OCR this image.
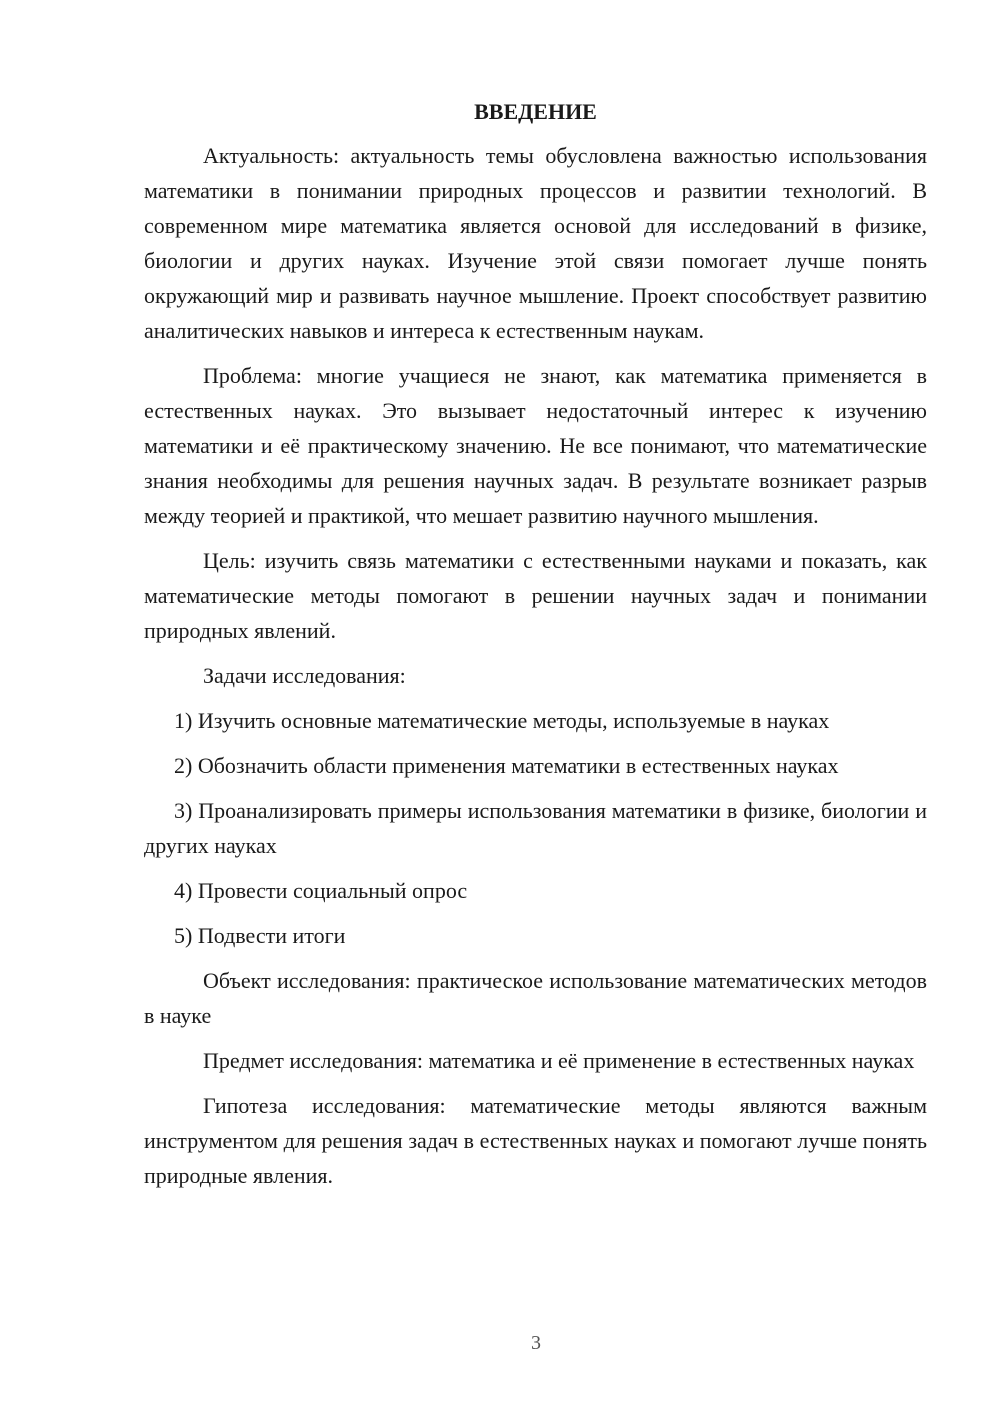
ВВЕДЕНИЕ

Актуальность: актуальность темы обусловлена важностью использования математики в понимании природных процессов и развитии технологий. В современном мире математика является основой для исследований в физике, биологии и других науках. Изучение этой связи помогает лучше понять окружающий мир и развивать научное мышление. Проект способствует развитию аналитических навыков и интереса к естественным наукам.

Проблема: многие учащиеся не знают, как математика применяется в естественных науках. Это вызывает недостаточный интерес к изучению математики и её практическому значению. Не все понимают, что математические знания необходимы для решения научных задач. В результате возникает разрыв между теорией и практикой, что мешает развитию научного мышления.

Цель: изучить связь математики с естественными науками и показать, как математические методы помогают в решении научных задач и понимании природных явлений.

Задачи исследования:

1) Изучить основные математические методы, используемые в науках

2) Обозначить области применения математики в естественных науках

3) Проанализировать примеры использования математики в физике, биологии и других науках

4) Провести социальный опрос

5) Подвести итоги

Объект исследования: практическое использование математических методов в науке

Предмет исследования: математика и её применение в естественных науках

Гипотеза исследования: математические методы являются важным инструментом для решения задач в естественных науках и помогают лучше понять природные явления.

3
